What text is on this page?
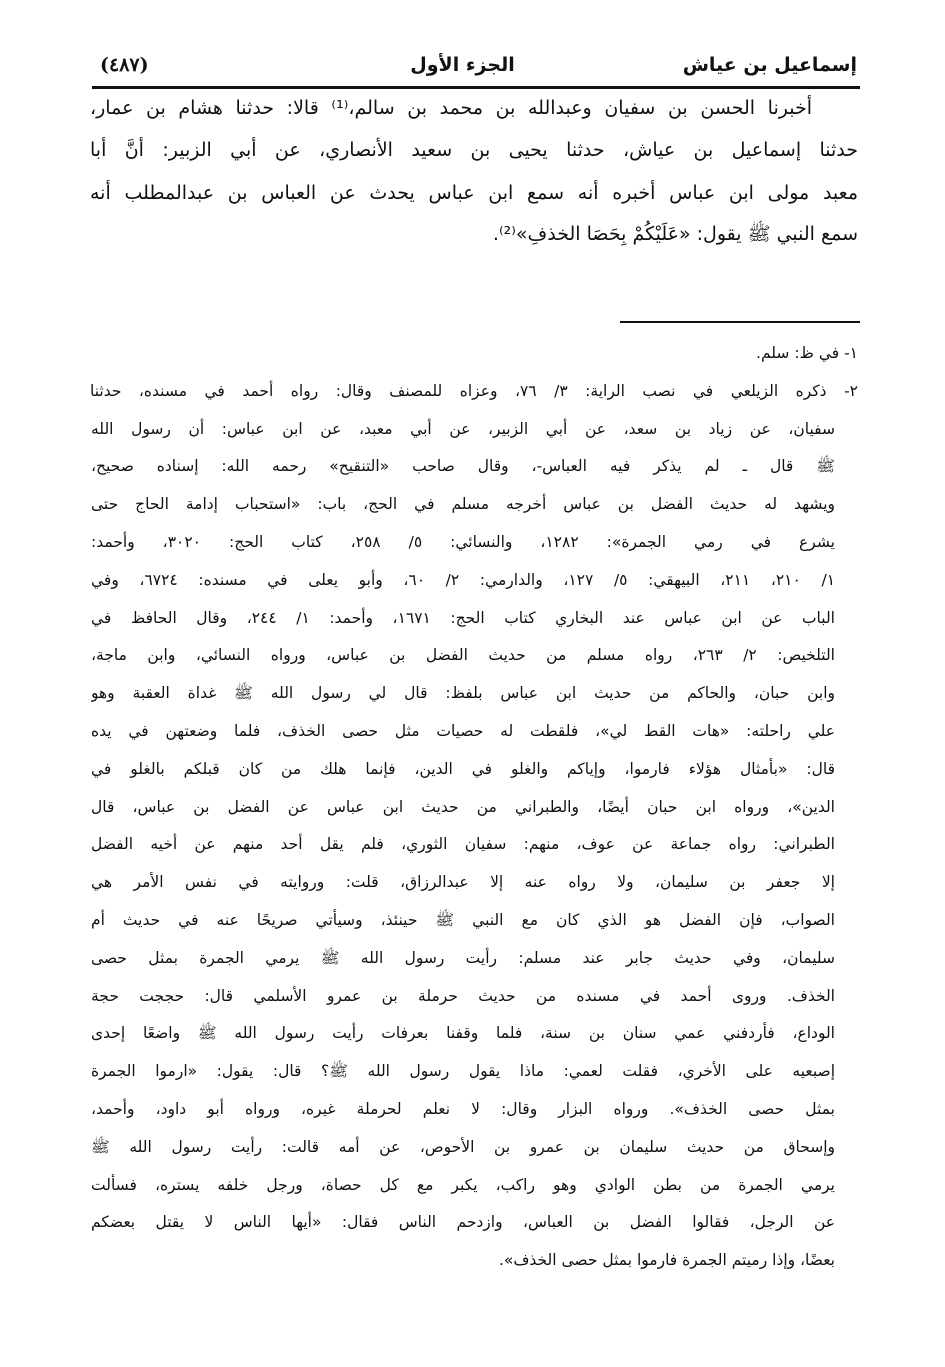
إسماعيل بن عياش
الجزء الأول
(٤٨٧)
أخبرنا الحسن بن سفيان وعبدالله بن محمد بن سالم،⁽¹⁾ قالا: حدثنا هشام بن عمار،
حدثنا إسماعيل بن عياش، حدثنا يحيى بن سعيد الأنصاري، عن أبي الزبير: أنَّ أبا
معبد مولى ابن عباس أخبره أنه سمع ابن عباس يحدث عن العباس بن عبدالمطلب أنه
سمع النبي ﷺ يقول: «عَلَيْكُمْ بِحَصَا الخذفِ»⁽²⁾.
١- في ظ: سلم.
٢- ذكره الزيلعي في نصب الراية: ٣/ ٧٦، وعزاه للمصنف وقال: رواه أحمد في مسنده، حدثنا
سفيان، عن زياد بن سعد، عن أبي الزبير، عن أبي معبد، عن ابن عباس: أن رسول الله
ﷺ قال ـ لم يذكر فيه العباس-، وقال صاحب «التنقيح» رحمه الله: إسناده صحيح،
ويشهد له حديث الفضل بن عباس أخرجه مسلم في الحج، باب: «استحباب إدامة الحاج حتى
يشرع في رمي الجمرة»: ١٢٨٢، والنسائي: ٥/ ٢٥٨، كتاب الحج: ٣٠٢٠، وأحمد:
١/ ٢١٠، ٢١١، البيهقي: ٥/ ١٢٧، والدارمي: ٢/ ٦٠، وأبو يعلى في مسنده: ٦٧٢٤، وفي
الباب عن ابن عباس عند البخاري كتاب الحج: ١٦٧١، وأحمد: ١/ ٢٤٤، وقال الحافظ في
التلخيص: ٢/ ٢٦٣، رواه مسلم من حديث الفضل بن عباس، ورواه النسائي، وابن ماجة،
وابن حبان، والحاكم من حديث ابن عباس بلفظ: قال لي رسول الله ﷺ غداة العقبة وهو
علي راحلته: «هات القط لي»، فلقطت له حصيات مثل حصى الخذف، فلما وضعتهن في يده
قال: «بأمثال هؤلاء فارموا، وإياكم والغلو في الدين، فإنما هلك من كان قبلكم بالغلو في
الدين»، ورواه ابن حبان أيضًا، والطبراني من حديث ابن عباس عن الفضل بن عباس، قال
الطبراني: رواه جماعة عن عوف، منهم: سفيان الثوري، فلم يقل أحد منهم عن أخيه الفضل
إلا جعفر بن سليمان، ولا رواه عنه إلا عبدالرزاق، قلت: وروايته في نفس الأمر هي
الصواب، فإن الفضل هو الذي كان مع النبي ﷺ حينئذ، وسيأتي صريحًا عنه في حديث أم
سليمان، وفي حديث جابر عند مسلم: رأيت رسول الله ﷺ يرمي الجمرة بمثل حصى
الخذف. وروى أحمد في مسنده من حديث حرملة بن عمرو الأسلمي قال: حججت حجة
الوداع، فأردفني عمي سنان بن سنة، فلما وقفنا بعرفات رأيت رسول الله ﷺ واضعًا إحدى
إصبعيه على الأخري، فقلت لعمي: ماذا يقول رسول الله ﷺ؟ قال: يقول: «ارموا الجمرة
بمثل حصى الخذف». ورواه البزار وقال: لا نعلم لحرملة غيره، ورواه أبو داود، وأحمد،
وإسحاق من حديث سليمان بن عمرو بن الأحوص، عن أمه قالت: رأيت رسول الله ﷺ
يرمي الجمرة من بطن الوادي وهو راكب، يكبر مع كل حصاة، ورجل خلفه يستره، فسألت
عن الرجل، فقالوا الفضل بن العباس، وازدحم الناس فقال: «أيها الناس لا يقتل بعضكم
بعضًا، وإذا رميتم الجمرة فارموا بمثل حصى الخذف».
